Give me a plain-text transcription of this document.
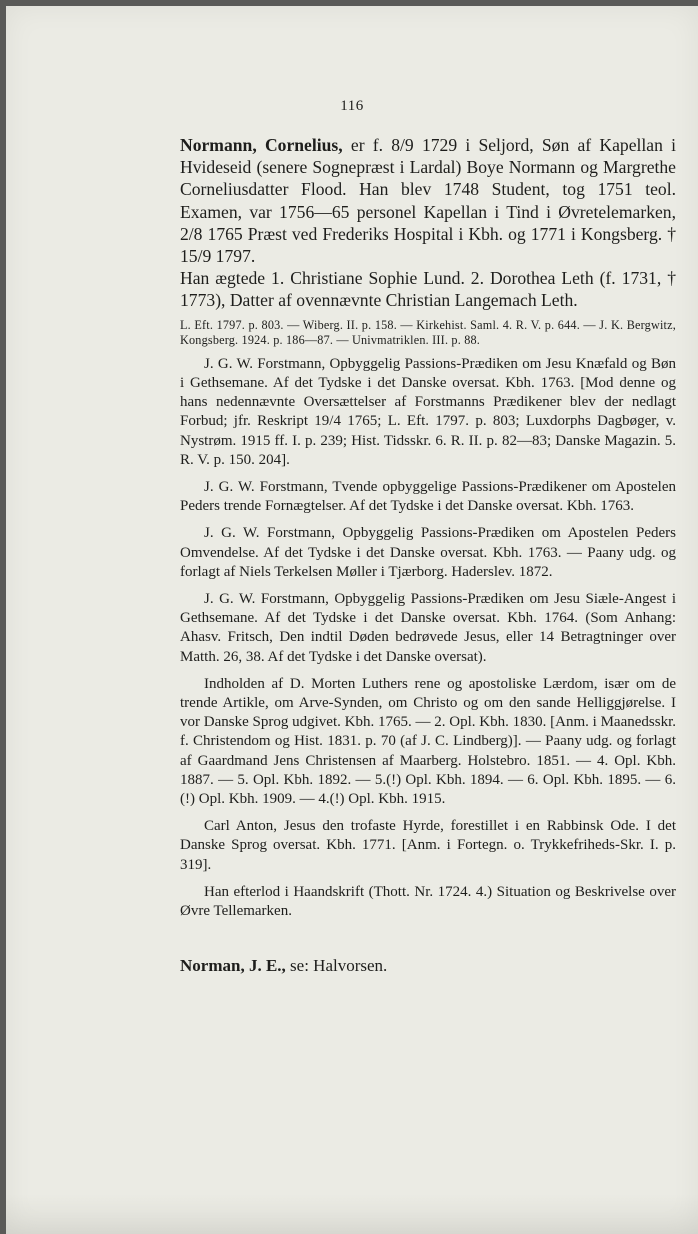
116

Normann, Cornelius, er f. 8/9 1729 i Seljord, Søn af Kapellan i Hvideseid (senere Sognepræst i Lardal) Boye Normann og Margrethe Corneliusdatter Flood. Han blev 1748 Student, tog 1751 teol. Examen, var 1756—65 personel Kapellan i Tind i Øvretelemarken, 2/8 1765 Præst ved Frederiks Hospital i Kbh. og 1771 i Kongsberg. † 15/9 1797.

Han ægtede 1. Christiane Sophie Lund. 2. Dorothea Leth (f. 1731, † 1773), Datter af ovennævnte Christian Langemach Leth.

L. Eft. 1797. p. 803. — Wiberg. II. p. 158. — Kirkehist. Saml. 4. R. V. p. 644. — J. K. Bergwitz, Kongsberg. 1924. p. 186—87. — Univmatriklen. III. p. 88.

J. G. W. Forstmann, Opbyggelig Passions-Prædiken om Jesu Knæfald og Bøn i Gethsemane. Af det Tydske i det Danske oversat. Kbh. 1763. [Mod denne og hans nedennævnte Oversættelser af Forstmanns Prædikener blev der nedlagt Forbud; jfr. Reskript 19/4 1765; L. Eft. 1797. p. 803; Luxdorphs Dagbøger, v. Nystrøm. 1915 ff. I. p. 239; Hist. Tidsskr. 6. R. II. p. 82—83; Danske Magazin. 5. R. V. p. 150. 204].

J. G. W. Forstmann, Tvende opbyggelige Passions-Prædikener om Apostelen Peders trende Fornægtelser. Af det Tydske i det Danske oversat. Kbh. 1763.

J. G. W. Forstmann, Opbyggelig Passions-Prædiken om Apostelen Peders Omvendelse. Af det Tydske i det Danske oversat. Kbh. 1763. — Paany udg. og forlagt af Niels Terkelsen Møller i Tjærborg. Haderslev. 1872.

J. G. W. Forstmann, Opbyggelig Passions-Prædiken om Jesu Siæle-Angest i Gethsemane. Af det Tydske i det Danske oversat. Kbh. 1764. (Som Anhang: Ahasv. Fritsch, Den indtil Døden bedrøvede Jesus, eller 14 Betragtninger over Matth. 26, 38. Af det Tydske i det Danske oversat).

Indholden af D. Morten Luthers rene og apostoliske Lærdom, især om de trende Artikle, om Arve-Synden, om Christo og om den sande Helliggjørelse. I vor Danske Sprog udgivet. Kbh. 1765. — 2. Opl. Kbh. 1830. [Anm. i Maanedsskr. f. Christendom og Hist. 1831. p. 70 (af J. C. Lindberg)]. — Paany udg. og forlagt af Gaardmand Jens Christensen af Maarberg. Holstebro. 1851. — 4. Opl. Kbh. 1887. — 5. Opl. Kbh. 1892. — 5.(!) Opl. Kbh. 1894. — 6. Opl. Kbh. 1895. — 6.(!) Opl. Kbh. 1909. — 4.(!) Opl. Kbh. 1915.

Carl Anton, Jesus den trofaste Hyrde, forestillet i en Rabbinsk Ode. I det Danske Sprog oversat. Kbh. 1771. [Anm. i Fortegn. o. Trykkefriheds-Skr. I. p. 319].

Han efterlod i Haandskrift (Thott. Nr. 1724. 4.) Situation og Beskrivelse over Øvre Tellemarken.

Norman, J. E., se: Halvorsen.
